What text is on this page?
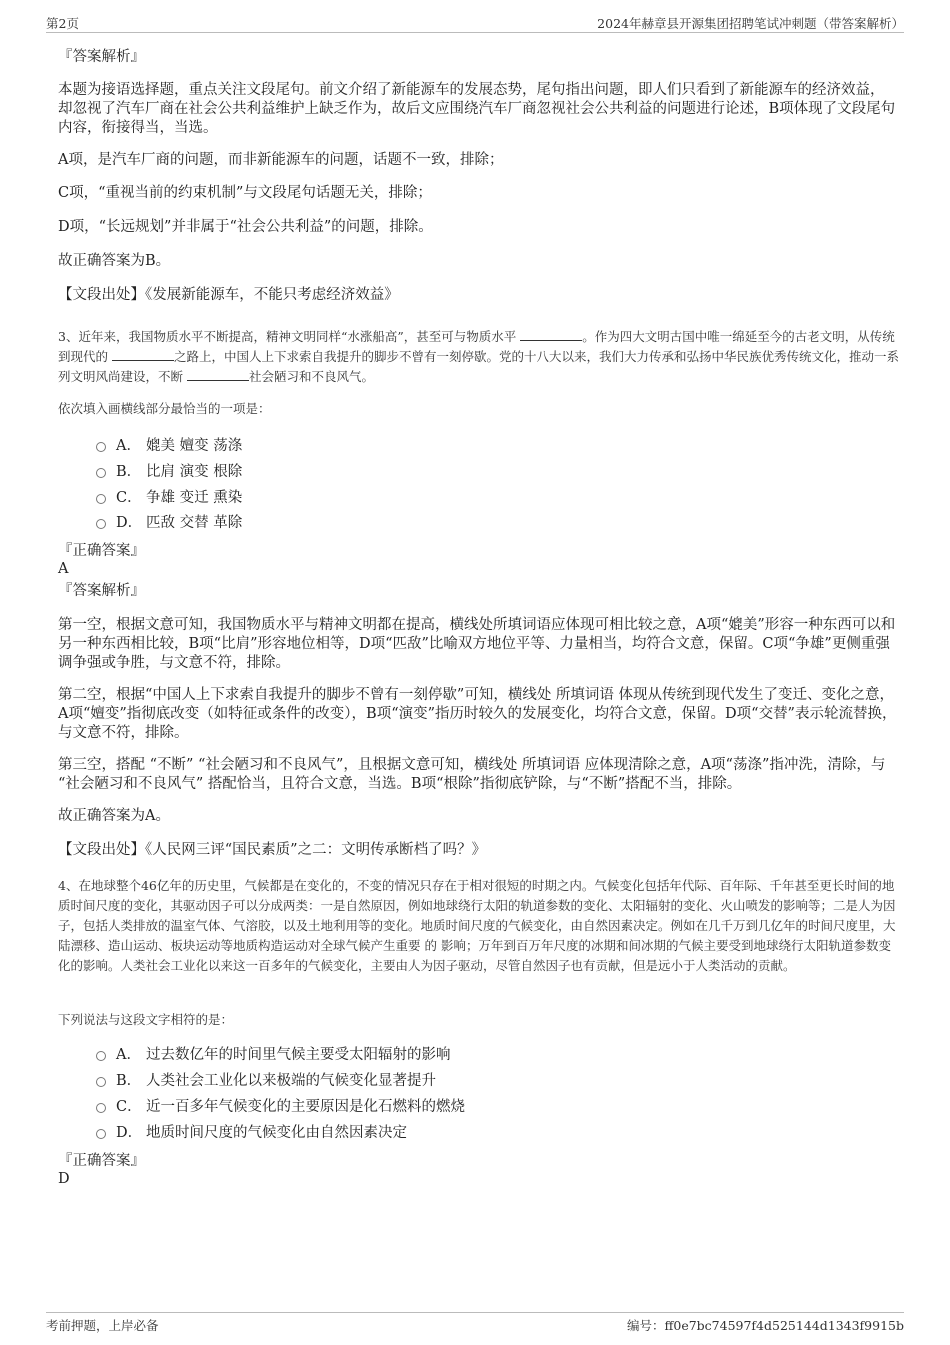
第2页	2024年赫章县开源集团招聘笔试冲刺题（带答案解析）
『答案解析』

本题为接语选择题，重点关注文段尾句。前文介绍了新能源车的发展态势，尾句指出问题，即人们只看到了新能源车的经济效益，却忽视了汽车厂商在社会公共利益维护上缺乏作为，故后文应围绕汽车厂商忽视社会公共利益的问题进行论述，B项体现了文段尾句内容，衔接得当，当选。

A项，是汽车厂商的问题，而非新能源车的问题，话题不一致，排除；

C项，“重视当前的约束机制”与文段尾句话题无关，排除；

D项，“长远规划”并非属于“社会公共利益”的问题，排除。

故正确答案为B。

【文段出处】《发展新能源车，不能只考虑经济效益》

3、近年来，我国物质水平不断提高，精神文明同样“水涨船高”，甚至可与物质水平	。作为四大文明古国中唯一绵延至今的古老文明，从传统到现代的	之路上，中国人上下求索自我提升的脚步不曾有一刻停歇。党的十八大以来，我们大力传承和弘扬中华民族优秀传统文化，推动一系列文明风尚建设，不断	社会陋习和不良风气。

依次填入画横线部分最恰当的一项是：

A． 媲美 嬗变 荡涤
B． 比肩 演变 根除
C． 争雄 变迁 熏染
D． 匹敌 交替 革除
『正确答案』
A
『答案解析』

第一空，根据文意可知，我国物质水平与精神文明都在提高，横线处所填词语应体现可相比较之意，A项“媲美”形容一种东西可以和另一种东西相比较，B项“比肩”形容地位相等，D项“匹敌”比喻双方地位平等、力量相当，均符合文意，保留。C项“争雄”更侧重强调争强或争胜，与文意不符，排除。

第二空，根据“中国人上下求索自我提升的脚步不曾有一刻停歇”可知，横线处 所填词语 体现从传统到现代发生了变迁、变化之意，A项“嬗变”指彻底改变（如特征或条件的改变），B项“演变”指历时较久的发展变化，均符合文意，保留。D项“交替”表示轮流替换，与文意不符，排除。

第三空，搭配 “不断” “社会陋习和不良风气”，且根据文意可知，横线处 所填词语 应体现清除之意，A项“荡涤”指冲洗，清除，与 “社会陋习和不良风气” 搭配恰当，且符合文意，当选。B项“根除”指彻底铲除，与“不断”搭配不当，排除。

故正确答案为A。

【文段出处】《人民网三评“国民素质”之二：文明传承断档了吗？》

4、在地球整个46亿年的历史里，气候都是在变化的，不变的情况只存在于相对很短的时期之内。气候变化包括年代际、百年际、千年甚至更长时间的地质时间尺度的变化，其驱动因子可以分成两类：一是自然原因，例如地球绕行太阳的轨道参数的变化、太阳辐射的变化、火山喷发的影响等；二是人为因子，包括人类排放的温室气体、气溶胶，以及土地利用等的变化。地质时间尺度的气候变化，由自然因素决定。例如在几千万到几亿年的时间尺度里，大陆漂移、造山运动、板块运动等地质构造运动对全球气候产生重要 的 影响；万年到百万年尺度的冰期和间冰期的气候主要受到地球绕行太阳轨道参数变化的影响。人类社会工业化以来这一百多年的气候变化，主要由人为因子驱动，尽管自然因子也有贡献，但是远小于人类活动的贡献。

下列说法与这段文字相符的是：

A． 过去数亿年的时间里气候主要受太阳辐射的影响
B． 人类社会工业化以来极端的气候变化显著提升
C． 近一百多年气候变化的主要原因是化石燃料的燃烧
D． 地质时间尺度的气候变化由自然因素决定
『正确答案』
D
考前押题，上岸必备	编号：ff0e7bc74597f4d525144d1343f9915b
